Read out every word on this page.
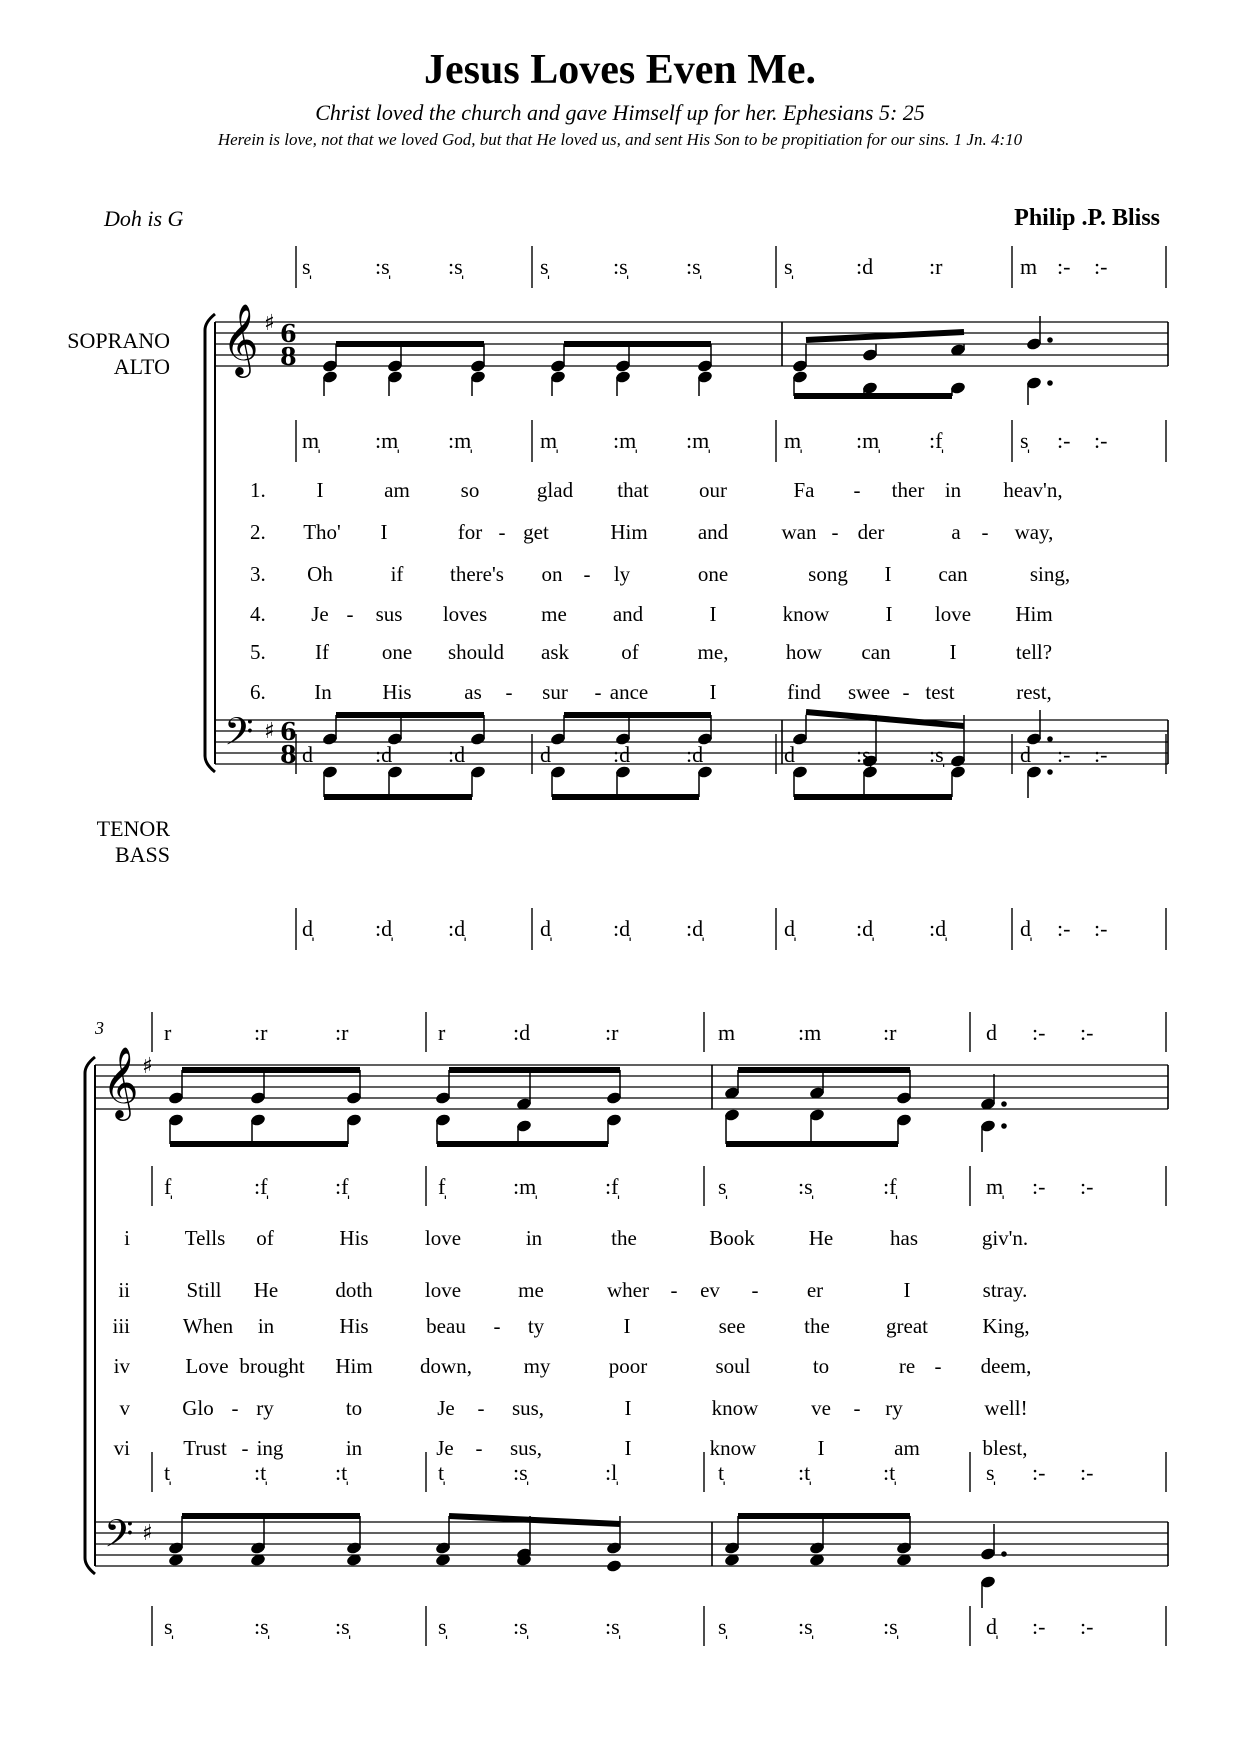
Jesus Loves Even Me.
Christ loved the church and gave Himself up for her. Ephesians 5: 25
Herein is love, not that we loved God, but that He loved us, and sent His Son to be propitiation for our sins. 1 Jn. 4:10
Doh is G	Philip .P. Bliss
SOPRANO
ALTO
TENOR
BASS
3
𝄞
𝄢
♯
♯
6
8
6
8
𝄞
𝄢
♯
♯
s̩	:s̩	:s̩	s̩	:s̩	:s̩	s̩	:d	:r	m :- :-
m̩	:m̩ :m̩	m̩	:m̩ :m̩	m̩ :m̩ :f̩	s̩ :- :-
d	:d	:d	d	:d	:d	d	:s̩	:s̩	d :- :-
d̩	:d̩	:d̩	d̩	:d̩	:d̩	d̩	:d̩	:d̩	d̩ :- :-
1. I	am so	glad that our	Fa - ther in heav'n,
2. Tho' I	for - get	Him and	wan - der	a - way,
3. Oh	if there's on - ly	one	song I can	sing,
4. Je - sus loves	me and	I	know	I love Him
5. If	one should ask of	me,	how can	I	tell?
6. In His	as - sur - ance	I	find swee - test	rest,
r	:r	:r	r	:d	:r	m	:m	:r	d :- :-
f̩	:f̩	:f̩	f̩	:m̩	:f̩	s̩	:s̩	:f̩	m̩ :- :-
t̩	:t̩	:t̩	t̩	:s̩	:l̩	t̩	:t̩	:t̩	s̩ :- :-
s̩	:s̩	:s̩	s̩	:s̩	:s̩	s̩	:s̩	:s̩	d̩ :- :-
i	Tells of	His	love	in	the	Book	He	has	giv'n.
ii	Still He	doth love	me	wher - ev - er	I	stray.
iii	When in	His	beau - ty	I	see	the	great	King,
iv	Love brought Him down, my	poor	soul	to	re - deem,
v Glo - ry	to	Je - sus,	I	know	ve - ry	well!
vi	Trust - ing	in	Je - sus,	I	know	I	am	blest,
